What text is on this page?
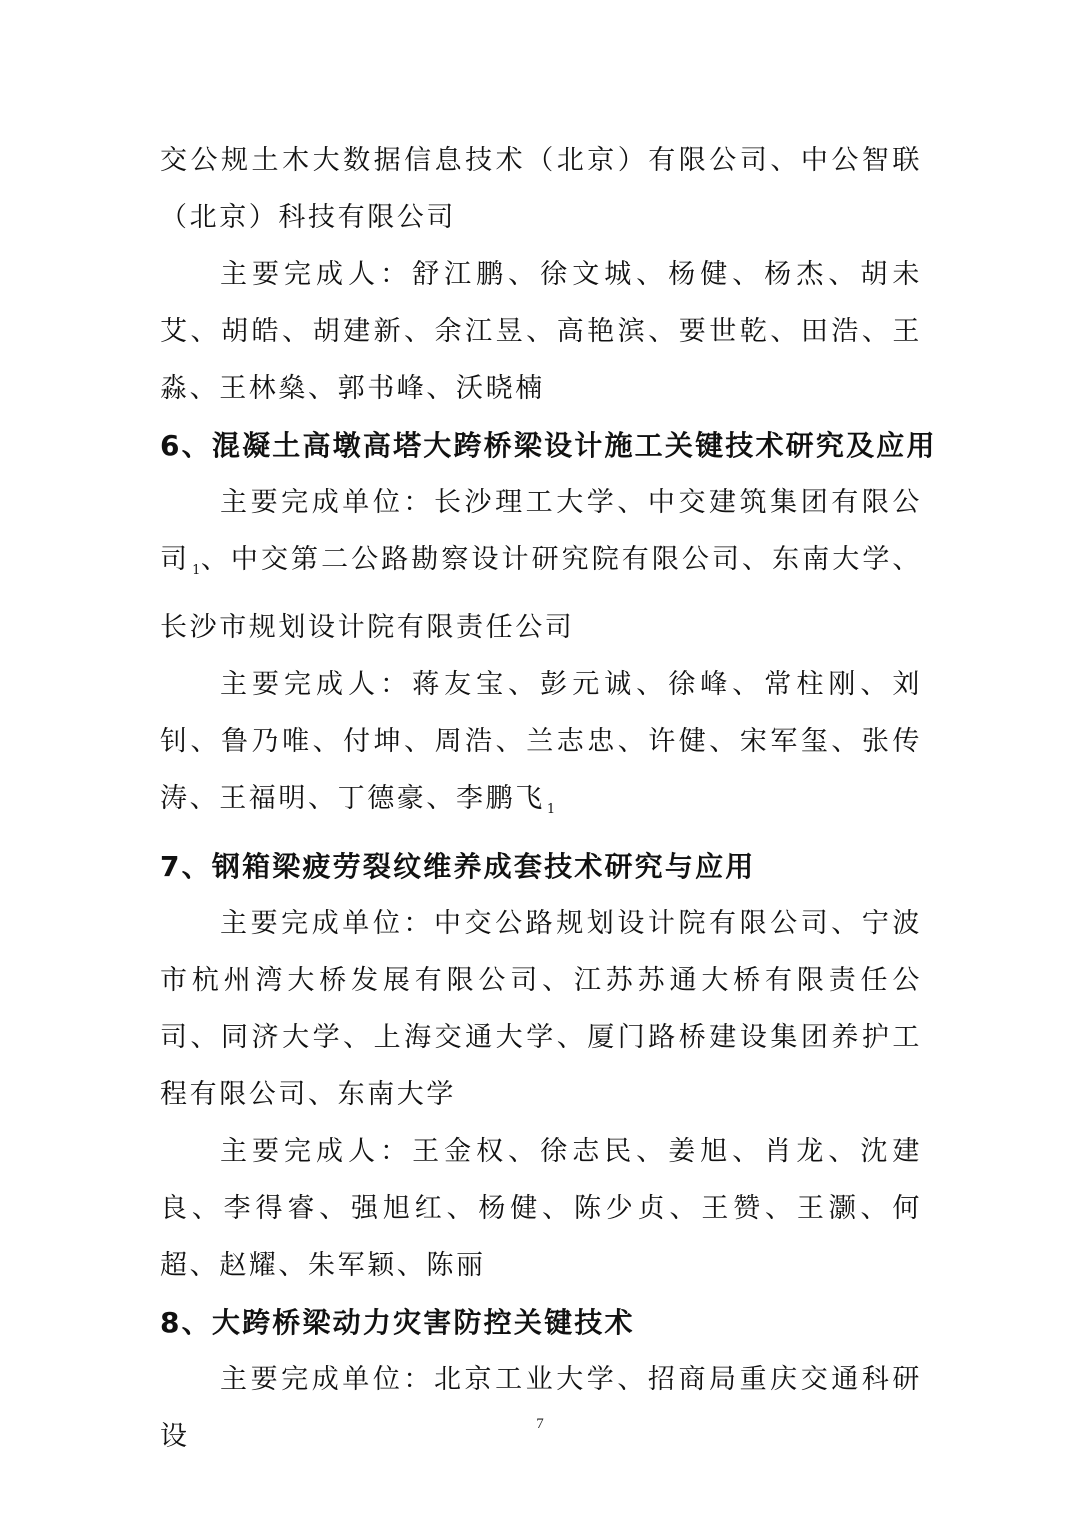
交公规土木大数据信息技术（北京）有限公司、中公智联（北京）科技有限公司

主要完成人：舒江鹏、徐文城、杨健、杨杰、胡未艾、胡皓、胡建新、余江昱、高艳滨、要世乾、田浩、王淼、王林燊、郭书峰、沃晓楠

6、混凝土高墩高塔大跨桥梁设计施工关键技术研究及应用

主要完成单位：长沙理工大学、中交建筑集团有限公司 $_1$、中交第二公路勘察设计研究院有限公司、东南大学、长沙市规划设计院有限责任公司

主要完成人：蒋友宝、彭元诚、徐峰、常柱刚、刘钊、鲁乃唯、付坤、周浩、兰志忠、许健、宋军玺、张传涛、王福明、丁德豪、李鹏飞 $_1$

7、钢箱梁疲劳裂纹维养成套技术研究与应用

主要完成单位：中交公路规划设计院有限公司、宁波市杭州湾大桥发展有限公司、江苏苏通大桥有限责任公司、同济大学、上海交通大学、厦门路桥建设集团养护工程有限公司、东南大学

主要完成人：王金权、徐志民、姜旭、肖龙、沈建良、李得睿、强旭红、杨健、陈少贞、王赞、王灏、何超、赵耀、朱军颖、陈丽

8、大跨桥梁动力灾害防控关键技术

主要完成单位：北京工业大学、招商局重庆交通科研设	7
